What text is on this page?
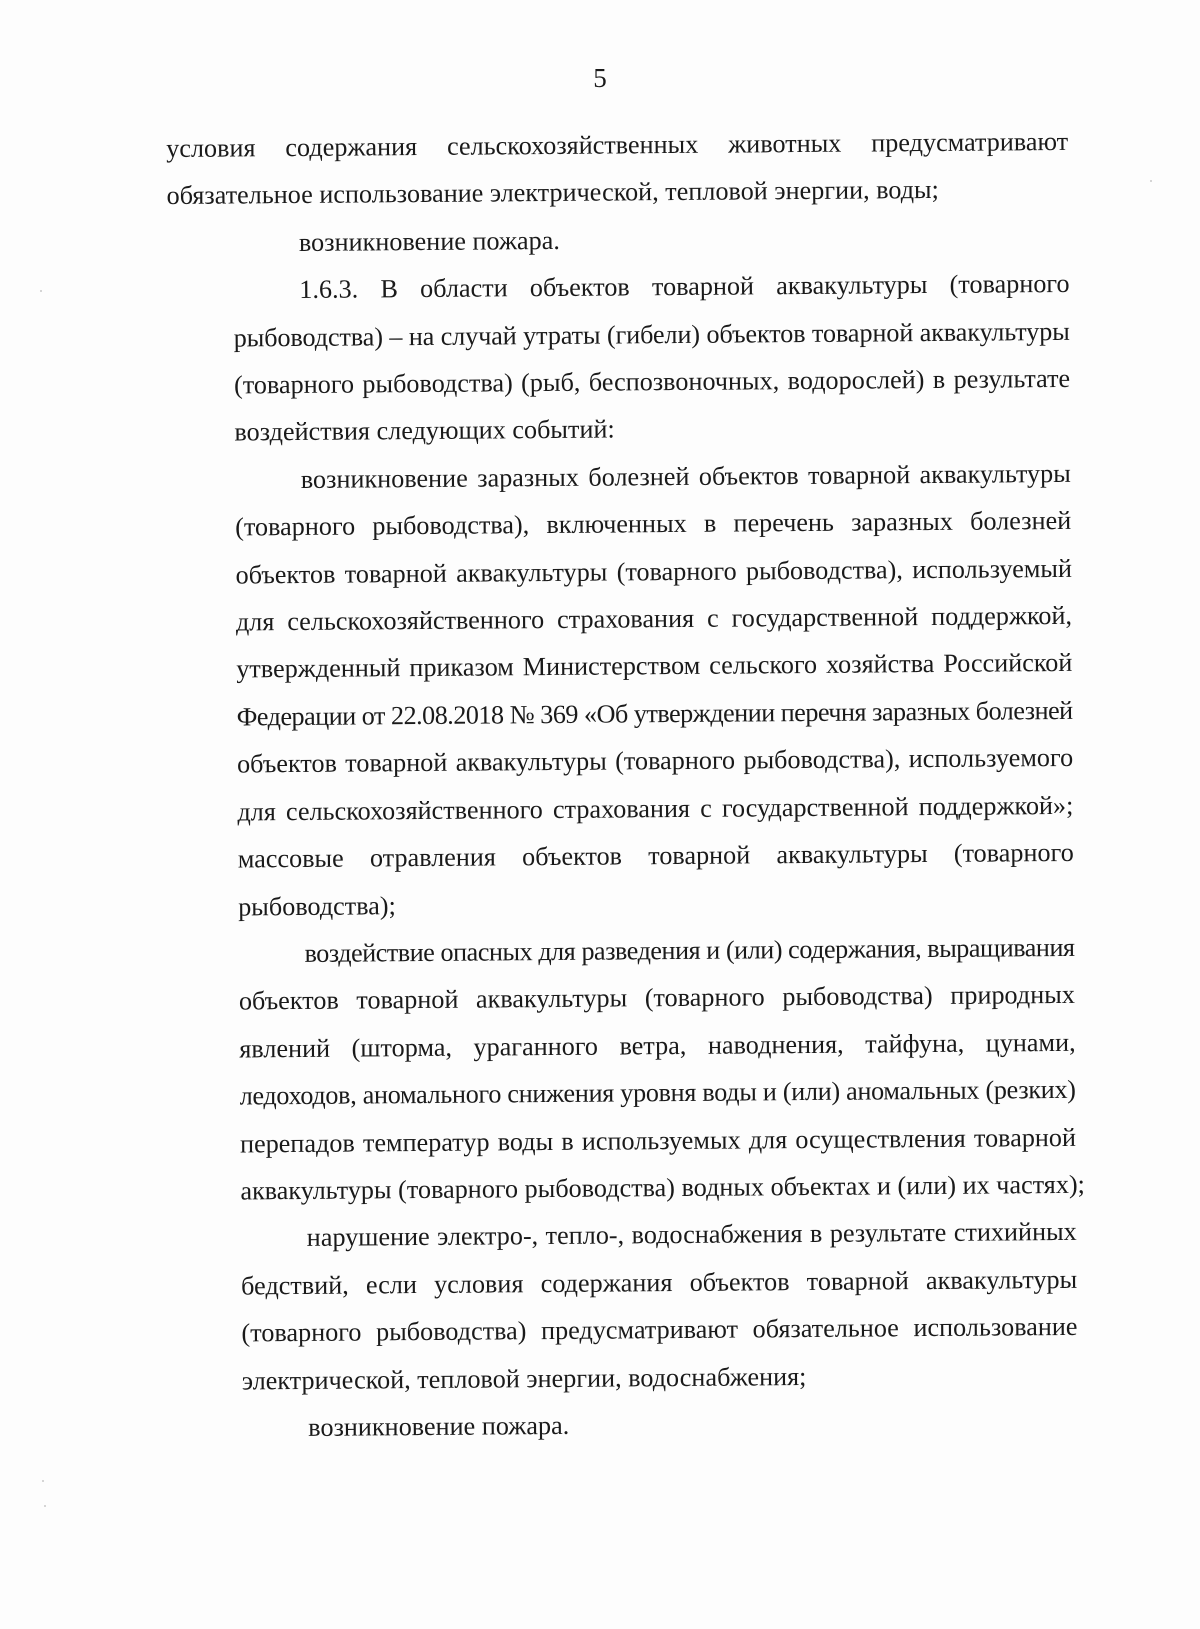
5
условия содержания сельскохозяйственных животных предусматривают
обязательное использование электрической, тепловой энергии, воды;
возникновение пожара.
1.6.3. В области объектов товарной аквакультуры (товарного
рыбоводства) – на случай утраты (гибели) объектов товарной аквакультуры
(товарного рыбоводства) (рыб, беспозвоночных, водорослей) в результате
воздействия следующих событий:
возникновение заразных болезней объектов товарной аквакультуры
(товарного рыбоводства), включенных в перечень заразных болезней
объектов товарной аквакультуры (товарного рыбоводства), используемый
для сельскохозяйственного страхования с государственной поддержкой,
утвержденный приказом Министерством сельского хозяйства Российской
Федерации от 22.08.2018 № 369 «Об утверждении перечня заразных болезней
объектов товарной аквакультуры (товарного рыбоводства), используемого
для сельскохозяйственного страхования с государственной поддержкой»;
массовые отравления объектов товарной аквакультуры (товарного
рыбоводства);
воздействие опасных для разведения и (или) содержания, выращивания
объектов товарной аквакультуры (товарного рыбоводства) природных
явлений (шторма, ураганного ветра, наводнения, тайфуна, цунами,
ледоходов, аномального снижения уровня воды и (или) аномальных (резких)
перепадов температур воды в используемых для осуществления товарной
аквакультуры (товарного рыбоводства) водных объектах и (или) их частях);
нарушение электро-, тепло-, водоснабжения в результате стихийных
бедствий, если условия содержания объектов товарной аквакультуры
(товарного рыбоводства) предусматривают обязательное использование
электрической, тепловой энергии, водоснабжения;
возникновение пожара.
